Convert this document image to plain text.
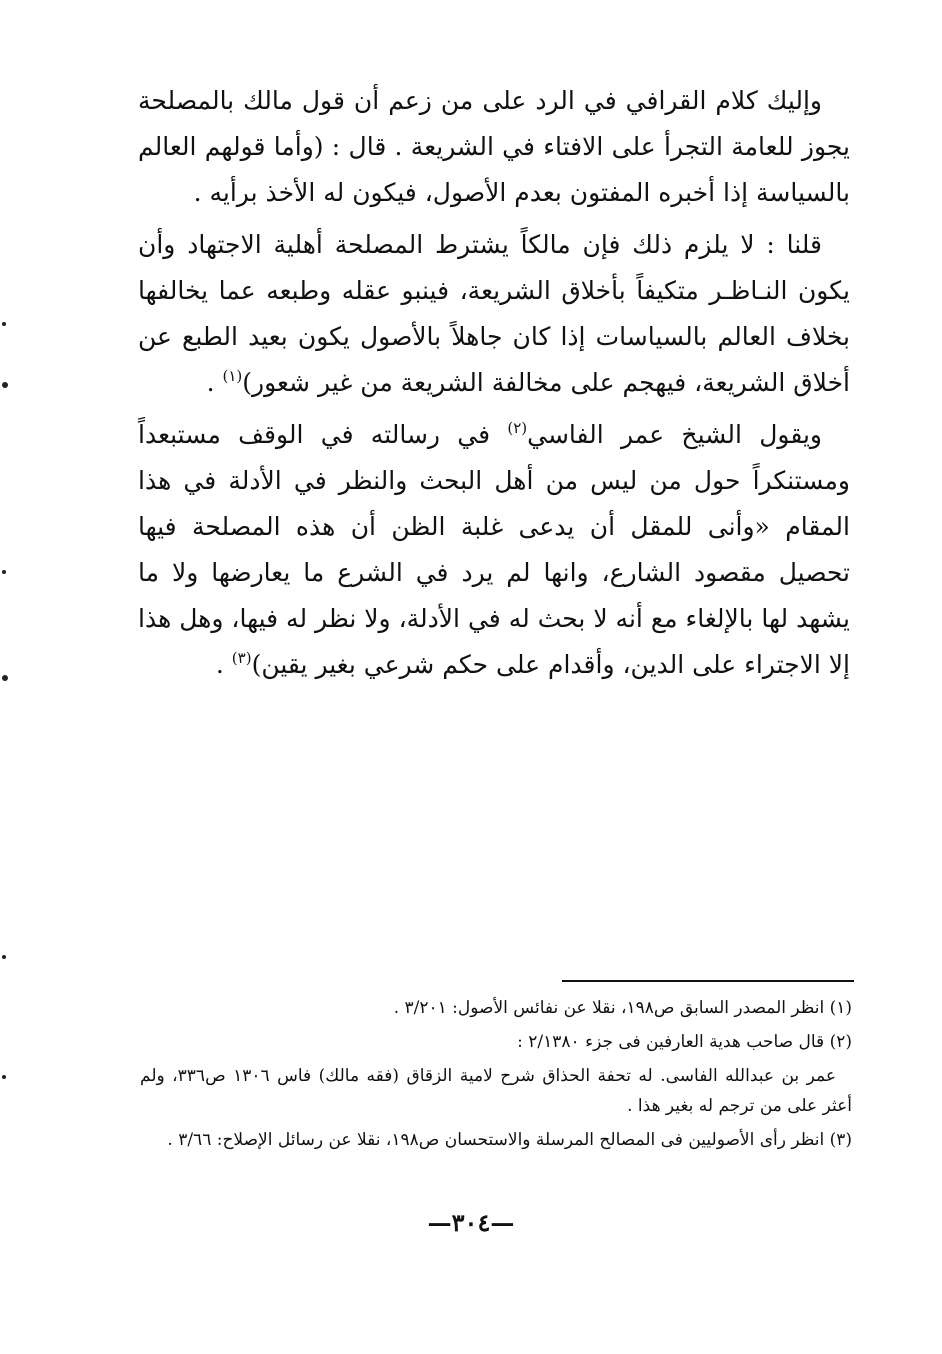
وإليك كلام القرافي في الرد على من زعم أن قول مالك بالمصلحة يجوز للعامة التجرأ على الافتاء في الشريعة . قال : (وأما قولهم العالم بالسياسة إذا أخبره المفتون بعدم الأصول، فيكون له الأخذ برأيه .

قلنا : لا يلزم ذلك فإن مالكاً يشترط المصلحة أهلية الاجتهاد وأن يكون النـاظـر متكيفاً بأخلاق الشريعة، فينبو عقله وطبعه عما يخالفها بخلاف العالم بالسياسات إذا كان جاهلاً بالأصول يكون بعيد الطبع عن أخلاق الشريعة، فيهجم على مخالفة الشريعة من غير شعور)$^{(١)}$ .

ويقول الشيخ عمر الفاسي$^{(٢)}$ في رسالته في الوقف مستبعداً ومستنكراً حول من ليس من أهل البحث والنظر في الأدلة في هذا المقام «وأنى للمقل أن يدعى غلبة الظن أن هذه المصلحة فيها تحصيل مقصود الشارع، وانها لم يرد في الشرع ما يعارضها ولا ما يشهد لها بالإلغاء مع أنه لا بحث له في الأدلة، ولا نظر له فيها، وهل هذا إلا الاجتراء على الدين، وأقدام على حكم شرعي بغير يقين)$^{(٣)}$ .

(١) انظر المصدر السابق ص١٩٨، نقلا عن نفائس الأصول: ٣/٢٠١ .

(٢) قال صاحب هدية العارفين فى جزء ٢/١٣٨٠ :

عمر بن عبدالله الفاسى. له تحفة الحذاق شرح لامية الزقاق (فقه مالك) فاس ١٣٠٦ ص٣٣٦، ولم أعثر على من ترجم له بغير هذا .

(٣) انظر رأى الأصوليين فى المصالح المرسلة والاستحسان ص١٩٨، نقلا عن رسائل الإصلاح: ٣/٦٦ .

—٣٠٤—
